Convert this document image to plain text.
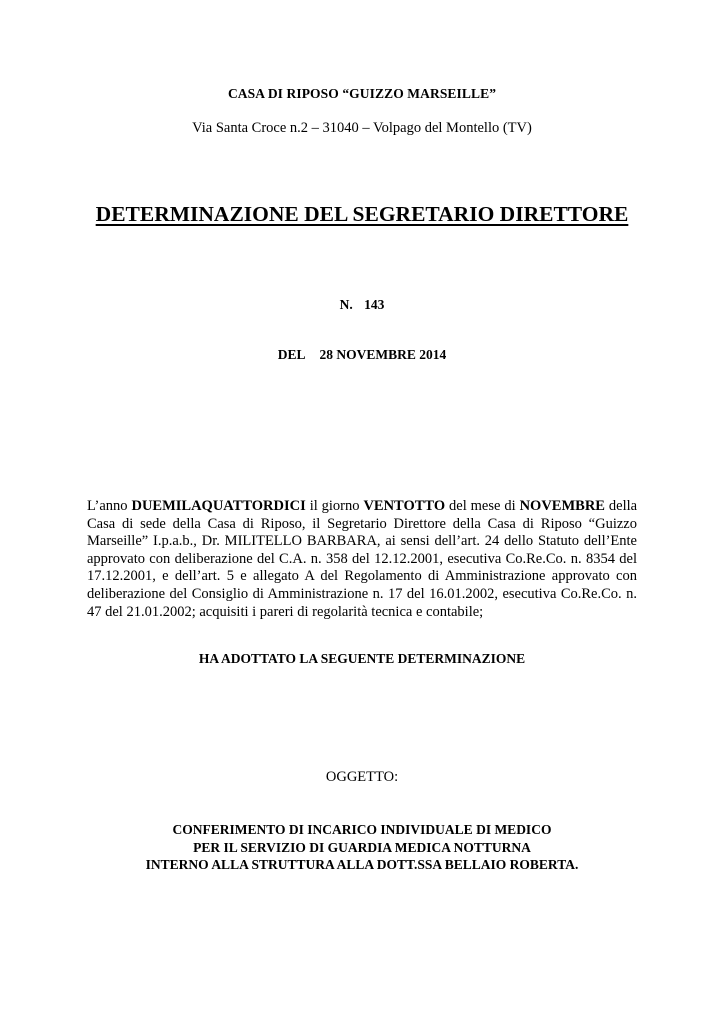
CASA DI RIPOSO “GUIZZO MARSEILLE”
Via Santa Croce n.2 – 31040 – Volpago del Montello (TV)
DETERMINAZIONE DEL SEGRETARIO DIRETTORE
N. 143
DEL 28 NOVEMBRE 2014
L’anno DUEMILAQUATTORDICI il giorno VENTOTTO del mese di NOVEMBRE della Casa di sede della Casa di Riposo, il Segretario Direttore della Casa di Riposo “Guizzo Marseille” I.p.a.b., Dr. MILITELLO BARBARA, ai sensi dell’art. 24 dello Statuto dell’Ente approvato con deliberazione del C.A. n. 358 del 12.12.2001, esecutiva Co.Re.Co. n. 8354 del 17.12.2001, e dell’art. 5 e allegato A del Regolamento di Amministrazione approvato con deliberazione del Consiglio di Amministrazione n. 17 del 16.01.2002, esecutiva Co.Re.Co. n. 47 del 21.01.2002; acquisiti i pareri di regolarità tecnica e contabile;
HA ADOTTATO LA SEGUENTE DETERMINAZIONE
OGGETTO:
CONFERIMENTO DI INCARICO INDIVIDUALE DI MEDICO
PER IL SERVIZIO DI GUARDIA MEDICA NOTTURNA
INTERNO ALLA STRUTTURA ALLA DOTT.SSA BELLAIO ROBERTA.
